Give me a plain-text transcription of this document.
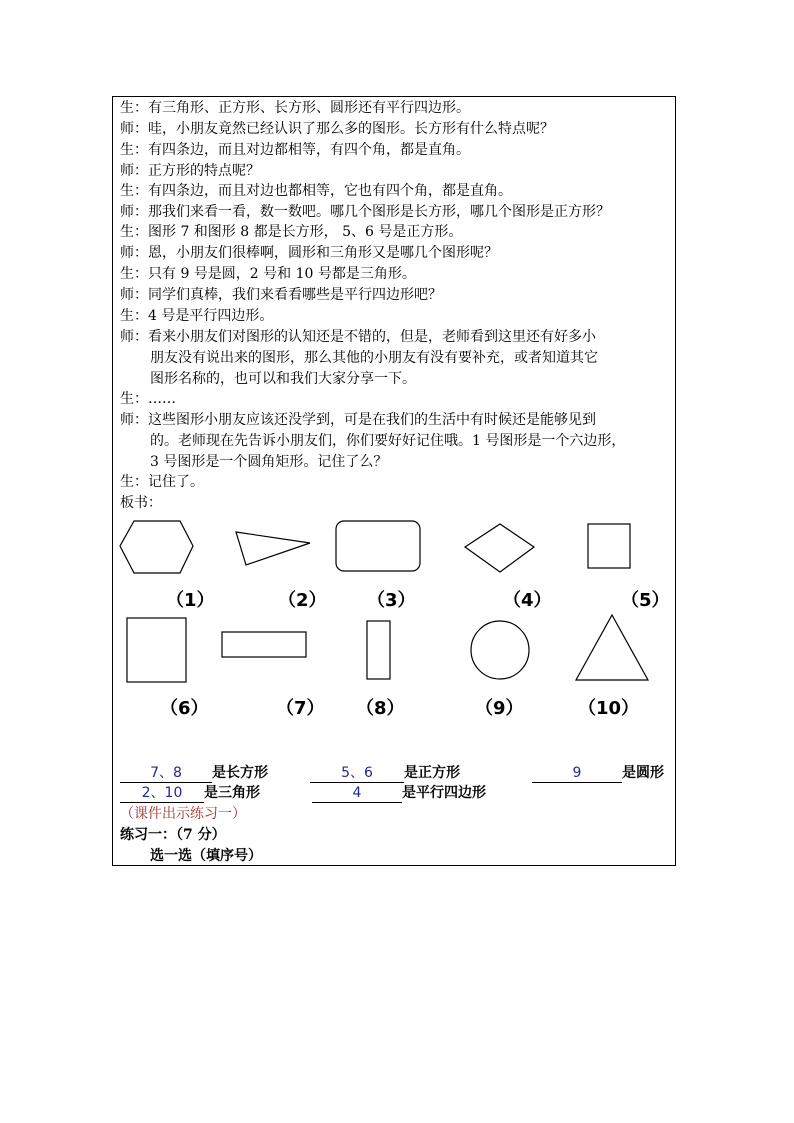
生：有三角形、正方形、长方形、圆形还有平行四边形。
师：哇，小朋友竟然已经认识了那么多的图形。长方形有什么特点呢？
生：有四条边，而且对边都相等，有四个角，都是直角。
师：正方形的特点呢？
生：有四条边，而且对边也都相等，它也有四个角，都是直角。
师：那我们来看一看，数一数吧。哪几个图形是长方形，哪几个图形是正方形？
生：图形 7 和图形 8 都是长方形， 5、6 号是正方形。
师：恩，小朋友们很棒啊，圆形和三角形又是哪几个图形呢？
生：只有 9 号是圆，2 号和 10 号都是三角形。
师：同学们真棒，我们来看看哪些是平行四边形吧？
生：4 号是平行四边形。
师：看来小朋友们对图形的认知还是不错的，但是，老师看到这里还有好多小
朋友没有说出来的图形，那么其他的小朋友有没有要补充，或者知道其它
图形名称的，也可以和我们大家分享一下。
生：……
师：这些图形小朋友应该还没学到，可是在我们的生活中有时候还是能够见到
的。老师现在先告诉小朋友们，你们要好好记住哦。1 号图形是一个六边形，
3 号图形是一个圆角矩形。记住了么？
生：记住了。
板书：
（1）	（2） （3）	（4）	（5）
（6）	（7） （8）	（9）	（10）
7、8 是长方形	5、6 是正方形	9	是圆形
2、10 是三角形	4	是平行四边形
（课件出示练习一）
练习一：（7 分）
选一选（填序号）
